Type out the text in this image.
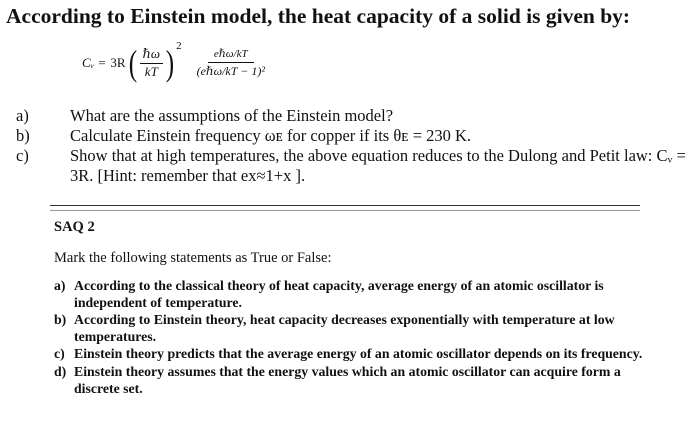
According to Einstein model, the heat capacity of a solid is given by:
Cᵥ = 3R ( $\frac{\text{ℏω}}{kT}$ ) 2
$\frac{\text{eℏω/kT}}{\text{(eℏω/kT − 1)²}}$
a)	What are the assumptions of the Einstein model?
b)	Calculate Einstein frequency ωᴇ for copper if its θᴇ = 230 K.
c)	Show that at high temperatures, the above equation reduces to the Dulong and Petit law: Cᵥ = 3R. [Hint: remember that ex≈1+x ].
SAQ 2
Mark the following statements as True or False:
a) According to the classical theory of heat capacity, average energy of an atomic oscillator is independent of temperature.
b) According to Einstein theory, heat capacity decreases exponentially with temperature at low temperatures.
c) Einstein theory predicts that the average energy of an atomic oscillator depends on its frequency.
d) Einstein theory assumes that the energy values which an atomic oscillator can acquire form a discrete set.
